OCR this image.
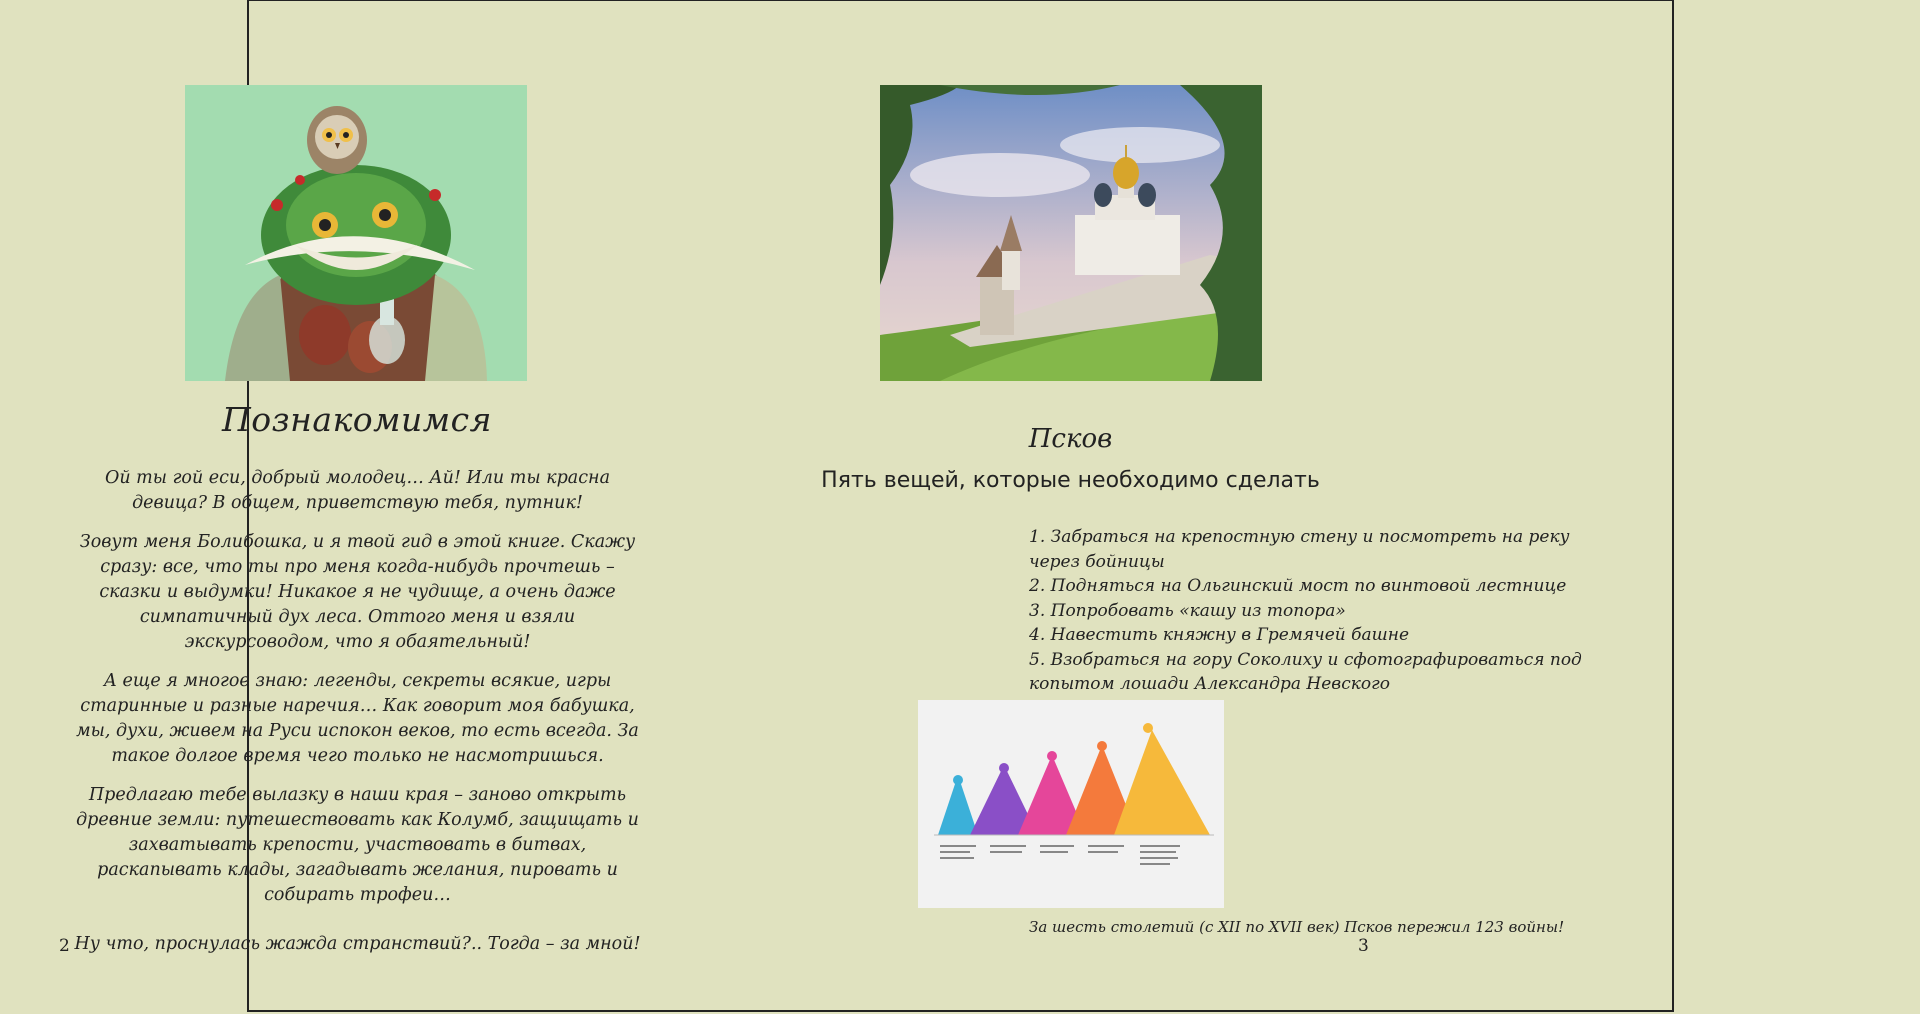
Познакомимся

Ой ты гой еси, добрый молодец… Ай! Или ты красна девица? В общем, приветствую тебя, путник!

Зовут меня Болибошка, и я твой гид в этой книге. Скажу сразу: все, что ты про меня когда-нибудь прочтешь – сказки и выдумки! Никакое я не чудище, а очень даже симпатичный дух леса. Оттого меня и взяли экскурсоводом, что я обаятельный!

А еще я многое знаю: легенды, секреты всякие, игры старинные и разные наречия… Как говорит моя бабушка, мы, духи, живем на Руси испокон веков, то есть всегда. За такое долгое время чего только не насмотришься.

Предлагаю тебе вылазку в наши края – заново открыть древние земли: путешествовать как Колумб, защищать и захватывать крепости, участвовать в битвах, раскапывать клады, загадывать желания, пировать и собирать трофеи…

Ну что, проснулась жажда странствий?.. Тогда – за мной!

2
Псков
Пять вещей, которые необходимо сделать
1. Забраться на крепостную стену и посмотреть на реку через бойницы
2. Подняться на Ольгинский мост по винтовой лестнице
3. Попробовать «кашу из топора»
4. Навестить княжну в Гремячей башне
5. Взобраться на гору Соколиху и сфотографироваться под копытом лошади Александра Невского
За шесть столетий (с XII по XVII век) Псков пережил 123 войны!
3
